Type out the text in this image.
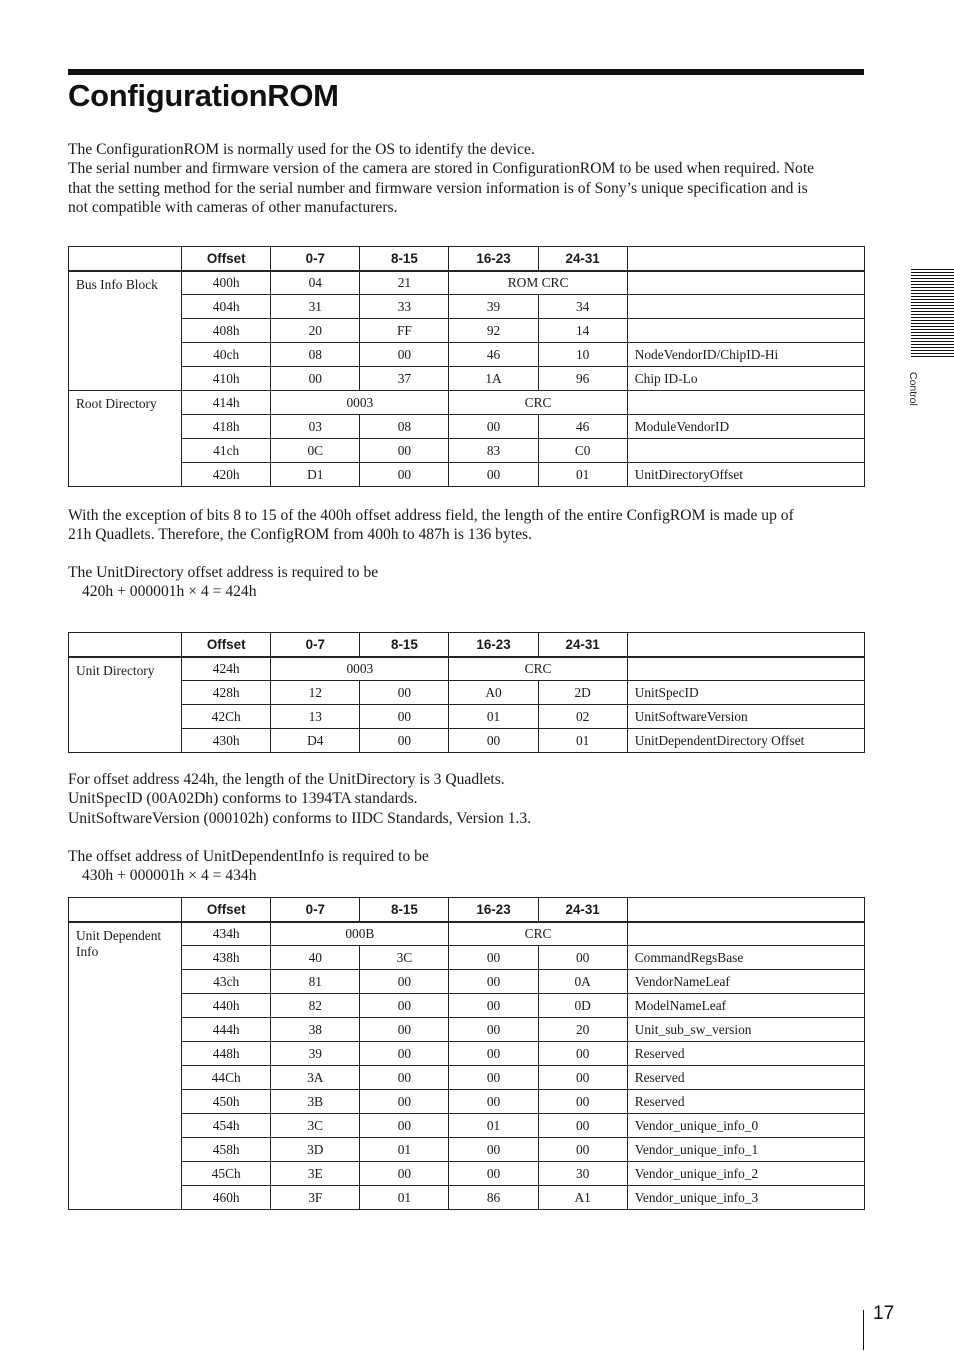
ConfigurationROM
The ConfigurationROM is normally used for the OS to identify the device.
The serial number and firmware version of the camera are stored in ConfigurationROM to be used when required. Note
that the setting method for the serial number and firmware version information is of Sony’s unique specification and is
not compatible with cameras of other manufacturers.
	Offset	0-7	8-15	16-23	24-31	
Bus Info Block	400h	04	21	ROM CRC		
	404h	31	33	39	34	
	408h	20	FF	92	14	
	40ch	08	00	46	10	NodeVendorID/ChipID-Hi
	410h	00	37	1A	96	Chip ID-Lo
Root Directory	414h	0003		CRC		
	418h	03	08	00	46	ModuleVendorID
	41ch	0C	00	83	C0	
	420h	D1	00	00	01	UnitDirectoryOffset
With the exception of bits 8 to 15 of the 400h offset address field, the length of the entire ConfigROM is made up of
21h Quadlets. Therefore, the ConfigROM from 400h to 487h is 136 bytes.
The UnitDirectory offset address is required to be
420h + 000001h × 4 = 424h
	Offset	0-7	8-15	16-23	24-31	
Unit Directory	424h	0003		CRC		
	428h	12	00	A0	2D	UnitSpecID
	42Ch	13	00	01	02	UnitSoftwareVersion
	430h	D4	00	00	01	UnitDependentDirectory Offset
For offset address 424h, the length of the UnitDirectory is 3 Quadlets.
UnitSpecID (00A02Dh) conforms to 1394TA standards.
UnitSoftwareVersion (000102h) conforms to IIDC Standards, Version 1.3.
The offset address of UnitDependentInfo is required to be
430h + 000001h × 4 = 434h
	Offset	0-7	8-15	16-23	24-31	
Unit Dependent Info	434h	000B		CRC		
	438h	40	3C	00	00	CommandRegsBase
	43ch	81	00	00	0A	VendorNameLeaf
	440h	82	00	00	0D	ModelNameLeaf
	444h	38	00	00	20	Unit_sub_sw_version
	448h	39	00	00	00	Reserved
	44Ch	3A	00	00	00	Reserved
	450h	3B	00	00	00	Reserved
	454h	3C	00	01	00	Vendor_unique_info_0
	458h	3D	01	00	00	Vendor_unique_info_1
	45Ch	3E	00	00	30	Vendor_unique_info_2
	460h	3F	01	86	A1	Vendor_unique_info_3
Control
17
